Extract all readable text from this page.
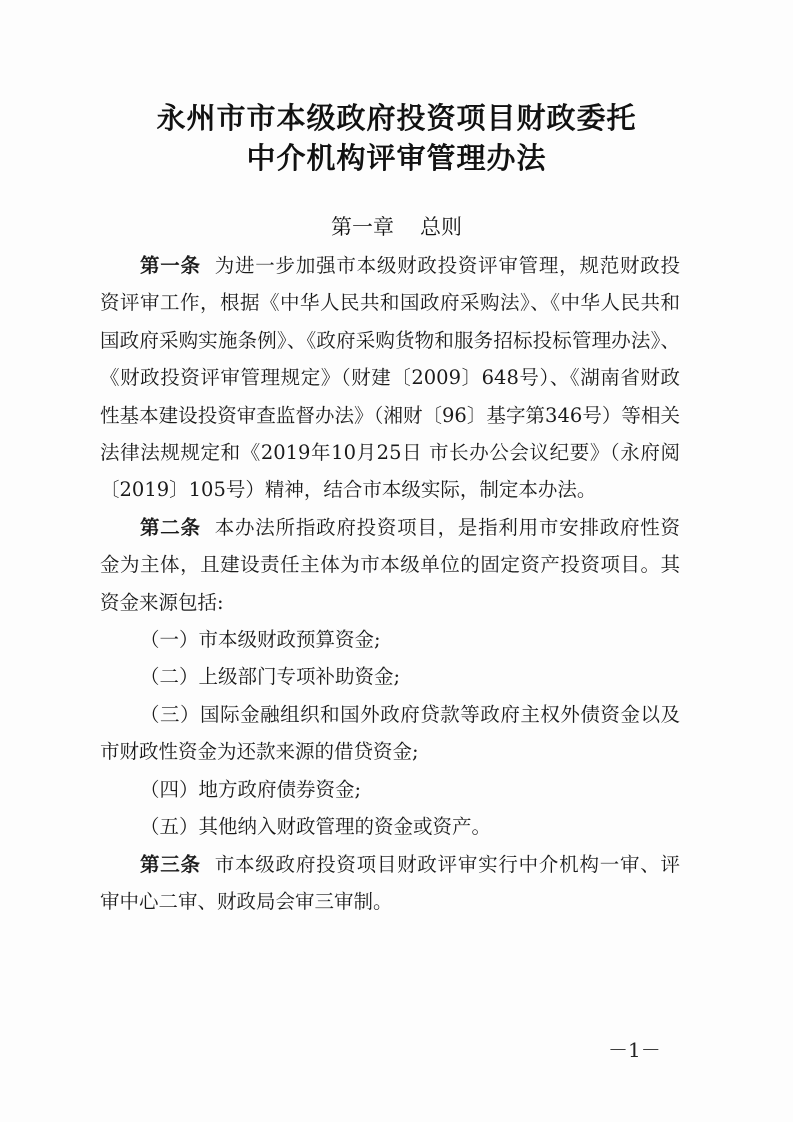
永州市市本级政府投资项目财政委托
中介机构评审管理办法
第一章 总则

第一条 为进一步加强市本级财政投资评审管理，规范财政投资评审工作，根据《中华人民共和国政府采购法》、《中华人民共和国政府采购实施条例》、《政府采购货物和服务招标投标管理办法》、《财政投资评审管理规定》（财建〔2009〕648号）、《湖南省财政性基本建设投资审查监督办法》（湘财〔96〕基字第346号）等相关法律法规规定和《2019年10月25日 市长办公会议纪要》（永府阅〔2019〕105号）精神，结合市本级实际，制定本办法。

第二条 本办法所指政府投资项目，是指利用市安排政府性资金为主体，且建设责任主体为市本级单位的固定资产投资项目。其资金来源包括:

（一）市本级财政预算资金;

（二）上级部门专项补助资金;

（三）国际金融组织和国外政府贷款等政府主权外债资金以及市财政性资金为还款来源的借贷资金;

（四）地方政府债券资金;

（五）其他纳入财政管理的资金或资产。

第三条 市本级政府投资项目财政评审实行中介机构一审、评审中心二审、财政局会审三审制。

－1－
